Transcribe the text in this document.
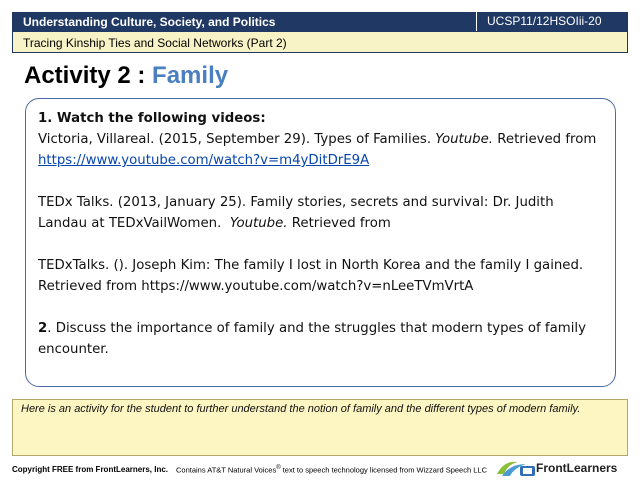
Understanding Culture, Society, and Politics	UCSP11/12HSOIii-20
Tracing Kinship Ties and Social Networks (Part 2)
Activity 2 : Family

1. Watch the following videos:

Victoria, Villareal. (2015, September 29). Types of Families. Youtube. Retrieved from https://www.youtube.com/watch?v=m4yDitDrE9A

TEDx Talks. (2013, January 25). Family stories, secrets and survival: Dr. Judith Landau at TEDxVailWomen. Youtube. Retrieved from

TEDxTalks. (). Joseph Kim: The family I lost in North Korea and the family I gained. Retrieved from https://www.youtube.com/watch?v=nLeeTVmVrtA

2. Discuss the importance of family and the struggles that modern types of family encounter.

Here is an activity for the student to further understand the notion of family and the different types of modern family.
Copyright FREE from FrontLearners, Inc. Contains AT&T Natural Voices® text to speech technology licensed from Wizzard Speech LLC	FrontLearners
